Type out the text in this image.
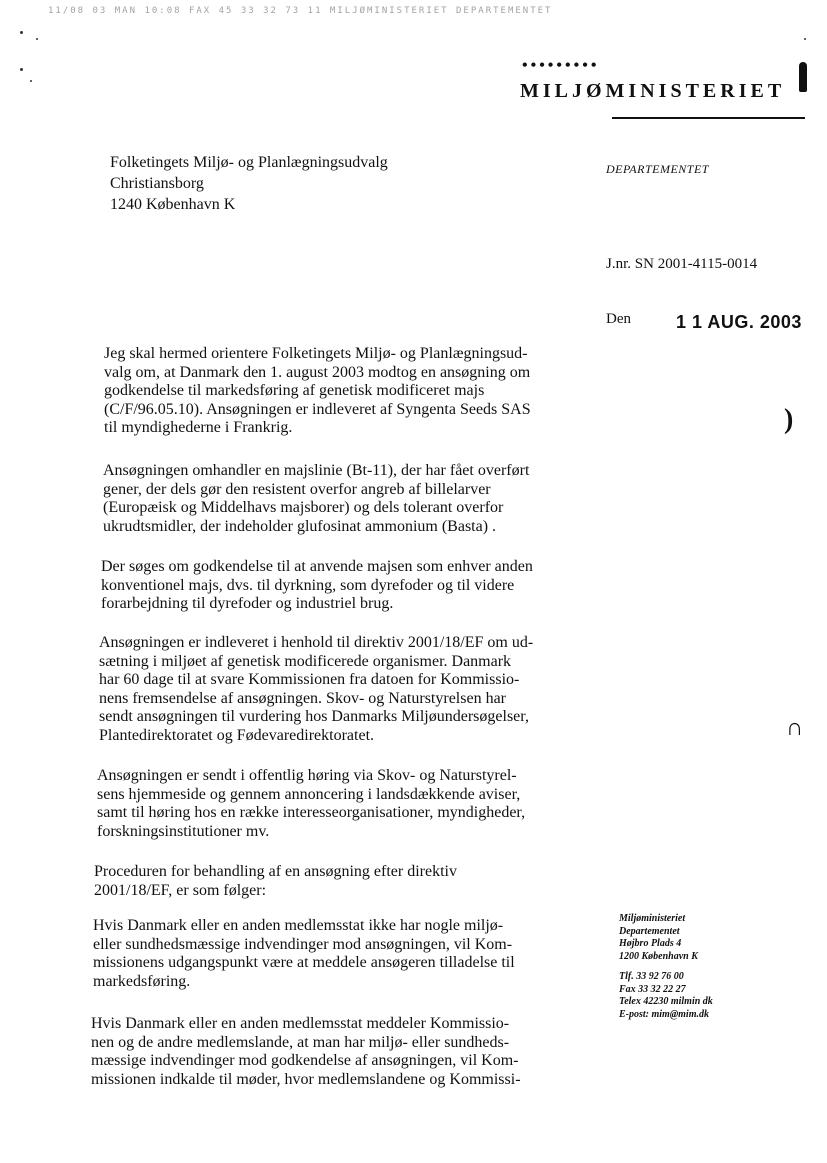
11/08 03 MAN 10:08 FAX 45 33 32 73 11 MILJØMINISTERIET DEPARTEMENTET
•••••••••
MILJØMINISTERIET
Folketingets Miljø- og Planlægningsudvalg
Christiansborg
1240 København K
DEPARTEMENTET
J.nr. SN 2001-4115-0014
Den	1 1 AUG. 2003
)
∩
Jeg skal hermed orientere Folketingets Miljø- og Planlægningsud-
valg om, at Danmark den 1. august 2003 modtog en ansøgning om
godkendelse til markedsføring af genetisk modificeret majs
(C/F/96.05.10). Ansøgningen er indleveret af Syngenta Seeds SAS
til myndighederne i Frankrig.
Ansøgningen omhandler en majslinie (Bt-11), der har fået overført
gener, der dels gør den resistent overfor angreb af billelarver
(Europæisk og Middelhavs majsborer) og dels tolerant overfor
ukrudtsmidler, der indeholder glufosinat ammonium (Basta) .
Der søges om godkendelse til at anvende majsen som enhver anden
konventionel majs, dvs. til dyrkning, som dyrefoder og til videre
forarbejdning til dyrefoder og industriel brug.
Ansøgningen er indleveret i henhold til direktiv 2001/18/EF om ud-
sætning i miljøet af genetisk modificerede organismer. Danmark
har 60 dage til at svare Kommissionen fra datoen for Kommissio-
nens fremsendelse af ansøgningen. Skov- og Naturstyrelsen har
sendt ansøgningen til vurdering hos Danmarks Miljøundersøgelser,
Plantedirektoratet og Fødevaredirektoratet.
Ansøgningen er sendt i offentlig høring via Skov- og Naturstyrel-
sens hjemmeside og gennem annoncering i landsdækkende aviser,
samt til høring hos en række interesseorganisationer, myndigheder,
forskningsinstitutioner mv.
Proceduren for behandling af en ansøgning efter direktiv
2001/18/EF, er som følger:
Hvis Danmark eller en anden medlemsstat ikke har nogle miljø-
eller sundhedsmæssige indvendinger mod ansøgningen, vil Kom-
missionens udgangspunkt være at meddele ansøgeren tilladelse til
markedsføring.
Hvis Danmark eller en anden medlemsstat meddeler Kommissio-
nen og de andre medlemslande, at man har miljø- eller sundheds-
mæssige indvendinger mod godkendelse af ansøgningen, vil Kom-
missionen indkalde til møder, hvor medlemslandene og Kommissi-
Miljøministeriet
Departementet
Højbro Plads 4
1200 København K
Tlf. 33 92 76 00
Fax 33 32 22 27
Telex 42230 milmin dk
E-post: mim@mim.dk
